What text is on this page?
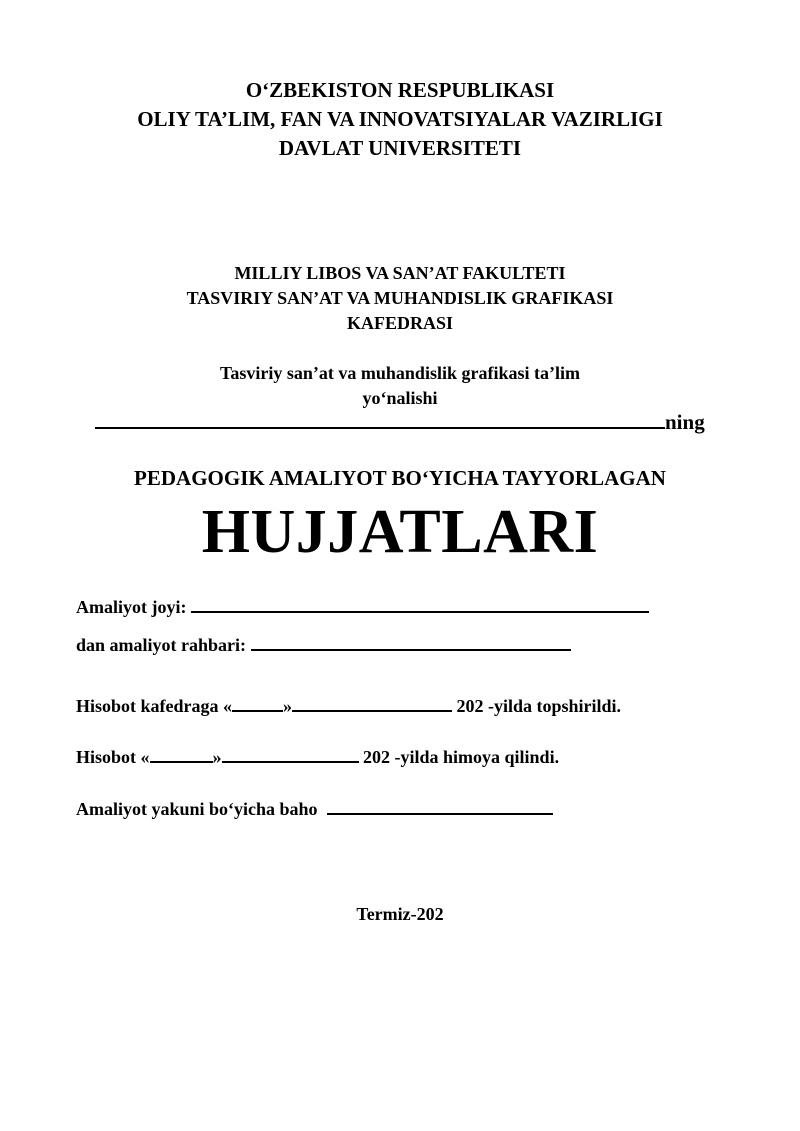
O‘ZBEKISTON RESPUBLIKASI
OLIY TA’LIM, FAN VA INNOVATSIYALAR VAZIRLIGI
DAVLAT UNIVERSITETI
MILLIY LIBOS VA SAN’AT FAKULTETI
TASVIRIY SAN’AT VA MUHANDISLIK GRAFIKASI
KAFEDRASI
Tasviriy san’at va muhandislik grafikasi ta’lim
yo‘nalishi
ning
PEDAGOGIK AMALIYOT BO‘YICHA TAYYORLAGAN
HUJJATLARI
Amaliyot joyi:
dan amaliyot rahbari:
Hisobot kafedraga «	»	202 -yilda topshirildi.
Hisobot «	»	202 -yilda himoya qilindi.
Amaliyot yakuni bo‘yicha baho
Termiz-202
